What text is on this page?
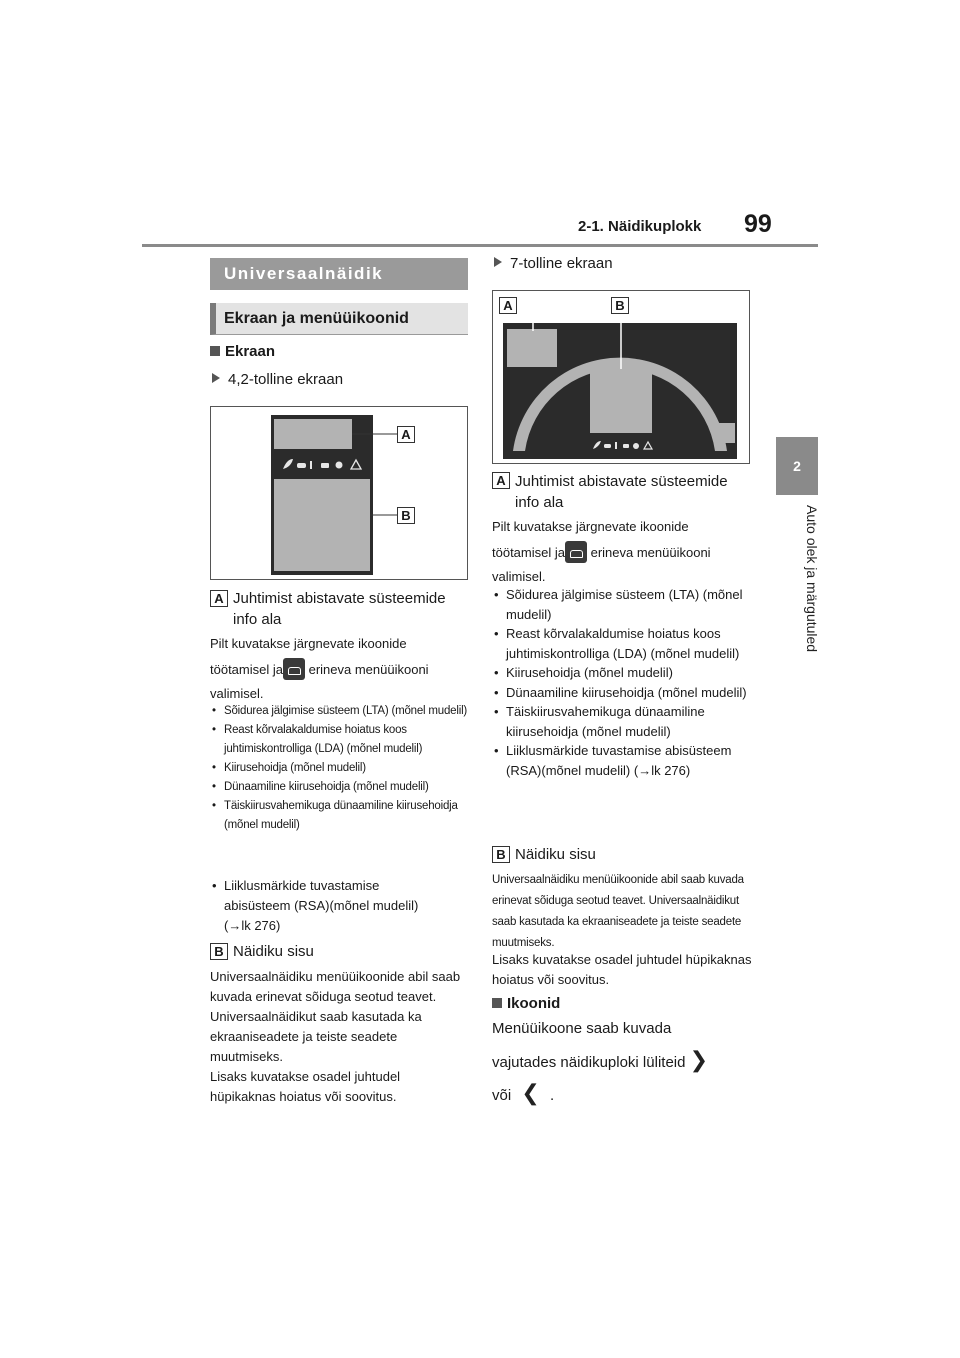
2-1. Näidikuplokk 99
2
Auto olek ja märgutuled
Universaalnäidik
Ekraan ja menüüikoonid
Ekraan
4,2-tolline ekraan
A
B
A Juhtimist abistavate süsteemide
info ala
Pilt kuvatakse järgnevate ikoonide
töötamisel ja erineva menüüikooni
valimisel.
• Sõidurea jälgimise süsteem (LTA) (mõnel mudelil)
• Reast kõrvalakaldumise hoiatus koos juhtimiskontrolliga (LDA) (mõnel mudelil)
• Kiirusehoidja (mõnel mudelil)
• Dünaamiline kiirusehoidja (mõnel mudelil)
• Täiskiirusvahemikuga dünaamiline kiirusehoidja (mõnel mudelil)
• Liiklusmärkide tuvastamise
abisüsteem (RSA)(mõnel mudelil)
(→lk 276)
B Näidiku sisu
Universaalnäidiku menüüikoonide abil saab kuvada erinevat sõiduga seotud teavet. Universaalnäidikut saab kasutada ka ekraaniseadete ja teiste seadete muutmiseks.
Lisaks kuvatakse osadel juhtudel hüpikaknas hoiatus või soovitus.
7-tolline ekraan
A	B
A Juhtimist abistavate süsteemide
info ala
Pilt kuvatakse järgnevate ikoonide
töötamisel ja erineva menüüikooni
valimisel.
• Sõidurea jälgimise süsteem (LTA) (mõnel mudelil)
• Reast kõrvalakaldumise hoiatus koos juhtimiskontrolliga (LDA) (mõnel mudelil)
• Kiirusehoidja (mõnel mudelil)
• Dünaamiline kiirusehoidja (mõnel mudelil)
• Täiskiirusvahemikuga dünaamiline kiirusehoidja (mõnel mudelil)
• Liiklusmärkide tuvastamise abisüsteem (RSA)(mõnel mudelil) (→lk 276)
B Näidiku sisu
Universaalnäidiku menüüikoonide abil saab kuvada erinevat sõiduga seotud teavet. Universaalnäidikut saab kasutada ka ekraaniseadete ja teiste seadete muutmiseks.
Lisaks kuvatakse osadel juhtudel hüpikaknas hoiatus või soovitus.
Ikoonid
Menüüikoone saab kuvada
vajutades näidikuploki lüliteid ❯
või ❮ .
